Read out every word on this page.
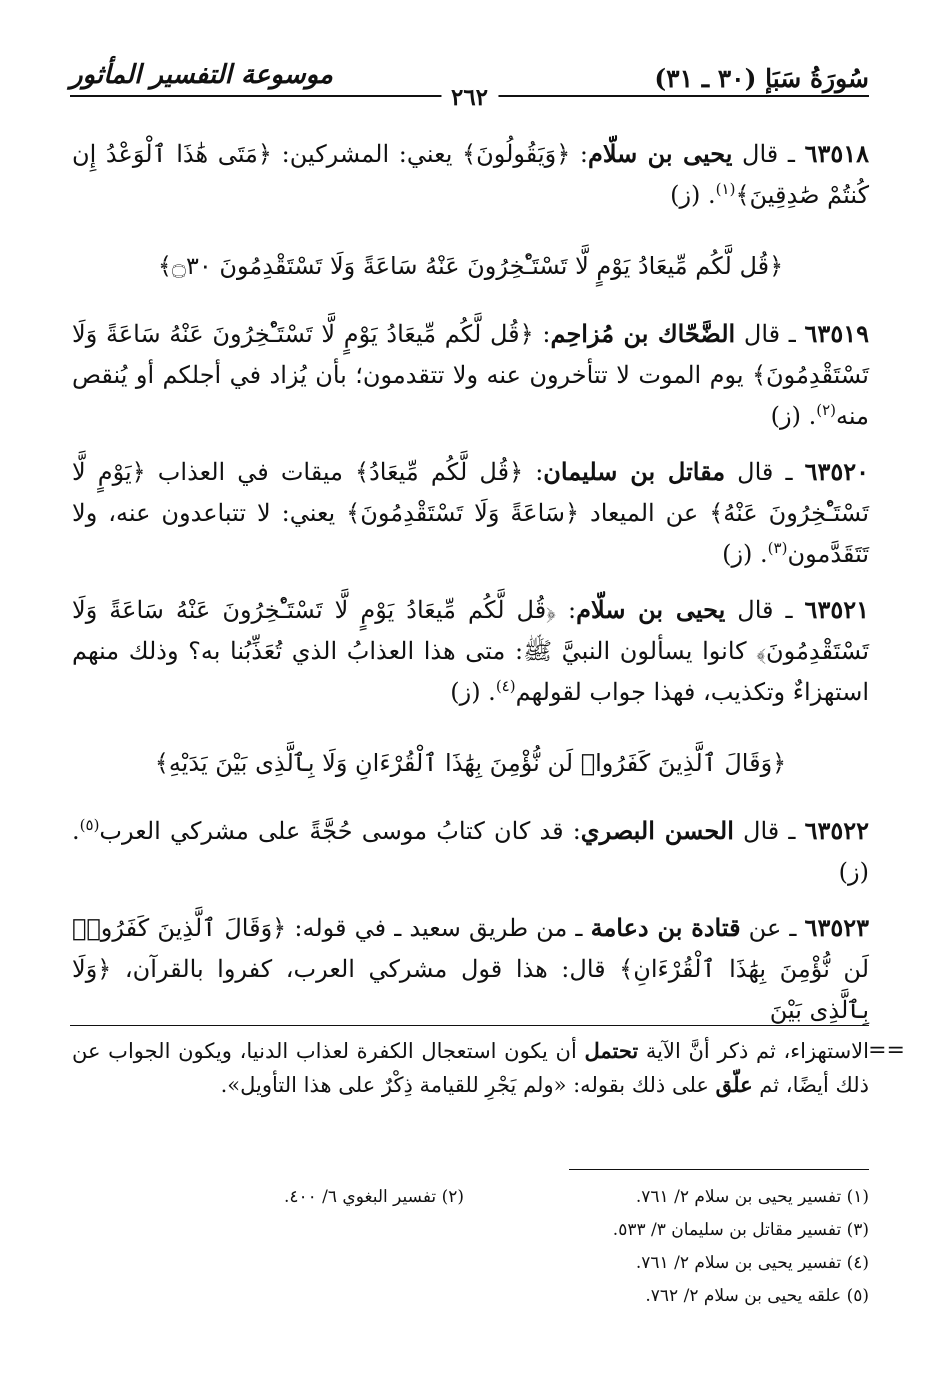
سُورَةُ سَبَإ (٣٠ ـ ٣١)
موسوعة التفسير المأثور
٢٦٢

٦٣٥١٨ ـ قال يحيى بن سلّام: ﴿وَيَقُولُونَ﴾ يعني: المشركين: ﴿مَتَى هَٰذَا ٱلْوَعْدُ إِن كُنتُمْ صَٰدِقِينَ﴾$^{(١)}$. (ز)

﴿قُل لَّكُم مِّيعَادُ يَوْمٍ لَّا تَسْتَـْٔخِرُونَ عَنْهُ سَاعَةً وَلَا تَسْتَقْدِمُونَ ۝٣٠﴾

٦٣٥١٩ ـ قال الضَّحّاك بن مُزاحِم: ﴿قُل لَّكُم مِّيعَادُ يَوْمٍ لَّا تَسْتَـْٔخِرُونَ عَنْهُ سَاعَةً وَلَا تَسْتَقْدِمُونَ﴾ يوم الموت لا تتأخرون عنه ولا تتقدمون؛ بأن يُزاد في أجلكم أو يُنقص منه$^{(٢)}$. (ز)

٦٣٥٢٠ ـ قال مقاتل بن سليمان: ﴿قُل لَّكُم مِّيعَادُ﴾ ميقات في العذاب ﴿يَوْمٍ لَّا تَسْتَـْٔخِرُونَ عَنْهُ﴾ عن الميعاد ﴿سَاعَةً وَلَا تَسْتَقْدِمُونَ﴾ يعني: لا تتباعدون عنه، ولا تَتَقَدَّمون$^{(٣)}$. (ز)

٦٣٥٢١ ـ قال يحيى بن سلّام: ﴿قُل لَّكُم مِّيعَادُ يَوْمٍ لَّا تَسْتَـْٔخِرُونَ عَنْهُ سَاعَةً وَلَا تَسْتَقْدِمُونَ﴾ كانوا يسألون النبيَّ ﷺ: متى هذا العذابُ الذي تُعَذِّبُنا به؟ وذلك منهم استهزاءٌ وتكذيب، فهذا جواب لقولهم$^{(٤)}$. (ز)

﴿وَقَالَ ٱلَّذِينَ كَفَرُوا۟ لَن نُّؤْمِنَ بِهَٰذَا ٱلْقُرْءَانِ وَلَا بِٱلَّذِى بَيْنَ يَدَيْهِ﴾

٦٣٥٢٢ ـ قال الحسن البصري: قد كان كتابُ موسى حُجَّةً على مشركي العرب$^{(٥)}$. (ز)

٦٣٥٢٣ ـ عن قتادة بن دعامة ـ من طريق سعيد ـ في قوله: ﴿وَقَالَ ٱلَّذِينَ كَفَرُوا۟ لَن نُّؤْمِنَ بِهَٰذَا ٱلْقُرْءَانِ﴾ قال: هذا قول مشركي العرب، كفروا بالقرآن، ﴿وَلَا بِٱلَّذِى بَيْنَ

==
الاستهزاء، ثم ذكر أنَّ الآية تحتمل أن يكون استعجال الكفرة لعذاب الدنيا، ويكون الجواب عن ذلك أيضًا، ثم علّق على ذلك بقوله: «ولم يَجْرِ للقيامة ذِكْرٌ على هذا التأويل».
(١) تفسير يحيى بن سلام ٢/ ٧٦١.
(٢) تفسير البغوي ٦/ ٤٠٠.
(٣) تفسير مقاتل بن سليمان ٣/ ٥٣٣.
(٤) تفسير يحيى بن سلام ٢/ ٧٦١.
(٥) علقه يحيى بن سلام ٢/ ٧٦٢.
